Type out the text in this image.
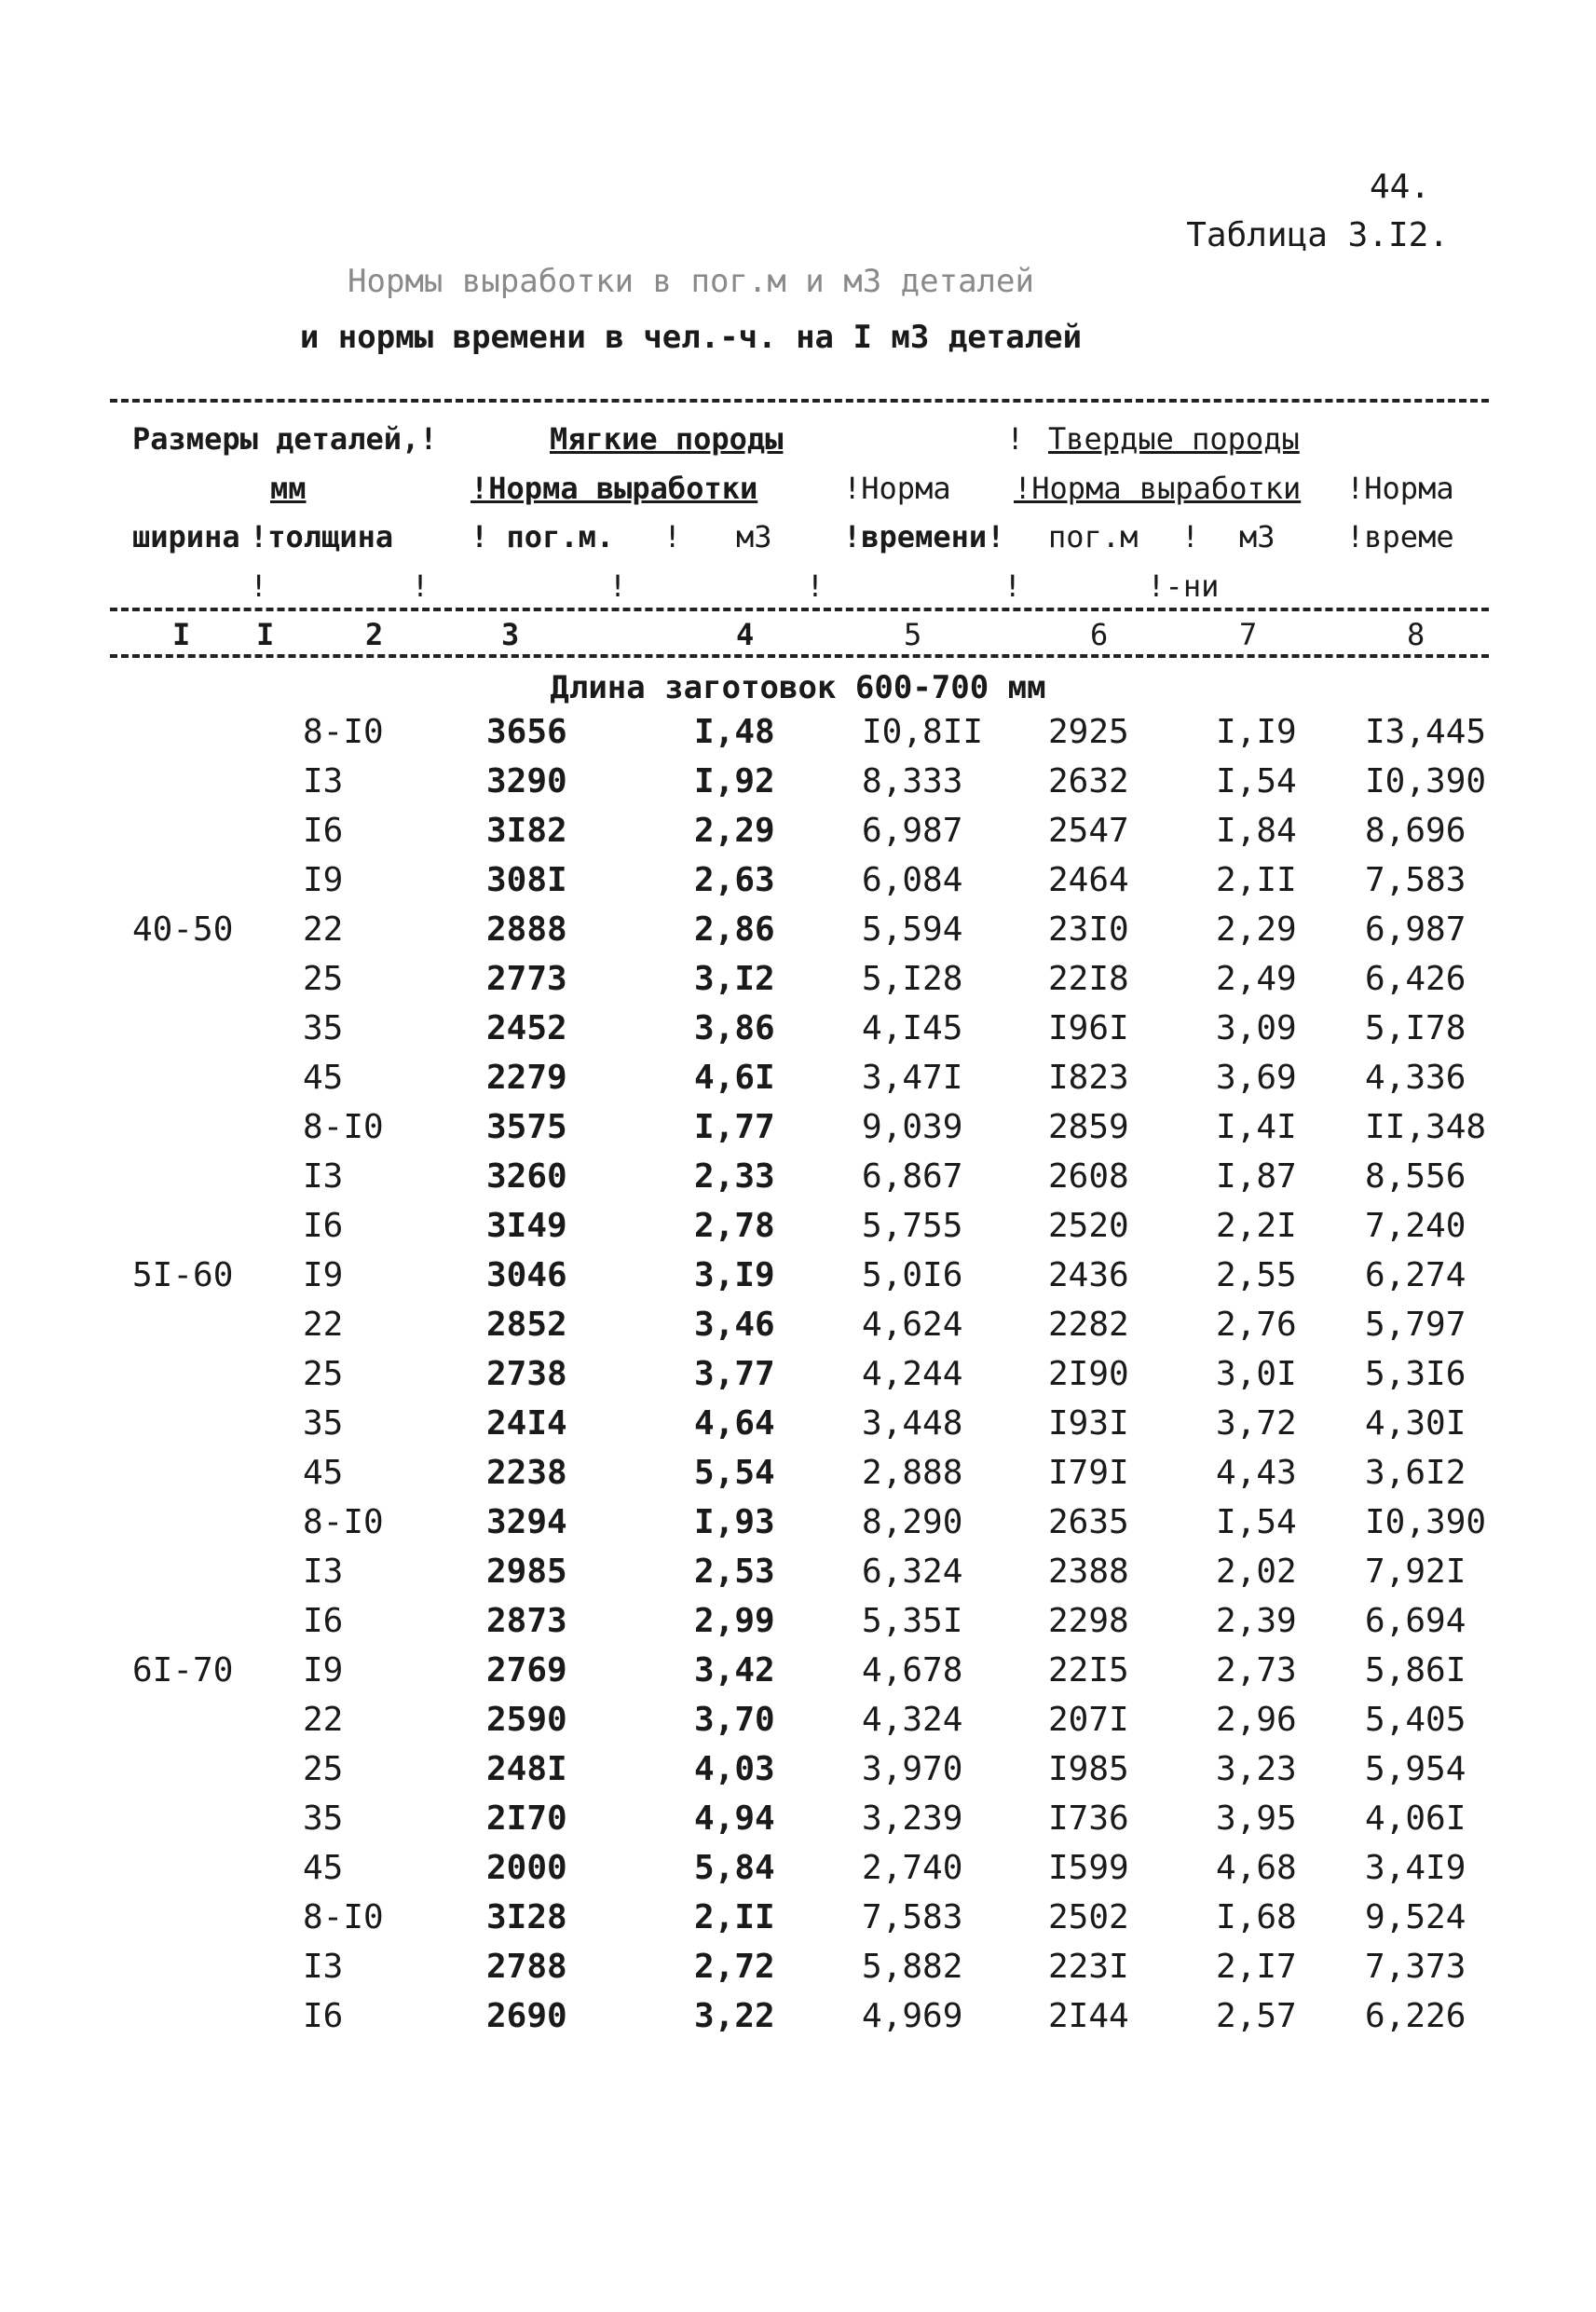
44.
Таблица 3.I2.
Нормы выработки в пог.м и м3 деталей
и нормы времени в чел.-ч. на I м3 деталей
Размеры деталей,!	Мягкие породы	! Твердые породы
мм	!Норма выработки	!Норма !Норма выработки !Норма
ширина !толщина	! пог.м. ! м3 !времени! пог.м ! м3 !време
!        !          !          !          !       !-ни
I I	2	3	4	5	6	7	8
Длина заготовок 600-700 мм
8-I0	3656	I,48	I0,8II 2925	I,I9 I3,445
I3	3290	I,92	8,333	2632	I,54 I0,390
I6	3I82	2,29	6,987	2547	I,84 8,696
I9	308I	2,63	6,084	2464	2,II 7,583
40-50 22	2888	2,86	5,594	23I0	2,29 6,987
25	2773	3,I2	5,I28	22I8	2,49 6,426
35	2452	3,86	4,I45	I96I	3,09 5,I78
45	2279	4,6I	3,47I	I823	3,69 4,336
8-I0	3575	I,77	9,039	2859	I,4I II,348
I3	3260	2,33	6,867	2608	I,87 8,556
I6	3I49	2,78	5,755	2520	2,2I 7,240
5I-60 I9	3046	3,I9	5,0I6	2436	2,55 6,274
22	2852	3,46	4,624	2282	2,76 5,797
25	2738	3,77	4,244	2I90	3,0I 5,3I6
35	24I4	4,64	3,448	I93I	3,72 4,30I
45	2238	5,54	2,888	I79I	4,43 3,6I2
8-I0	3294	I,93	8,290	2635	I,54 I0,390
I3	2985	2,53	6,324	2388	2,02 7,92I
I6	2873	2,99	5,35I	2298	2,39 6,694
6I-70 I9	2769	3,42	4,678	22I5	2,73 5,86I
22	2590	3,70	4,324	207I	2,96 5,405
25	248I	4,03	3,970	I985	3,23 5,954
35	2I70	4,94	3,239	I736	3,95 4,06I
45	2000	5,84	2,740	I599	4,68 3,4I9
8-I0	3I28	2,II	7,583	2502	I,68 9,524
I3	2788	2,72	5,882	223I	2,I7 7,373
I6	2690	3,22	4,969	2I44	2,57 6,226
